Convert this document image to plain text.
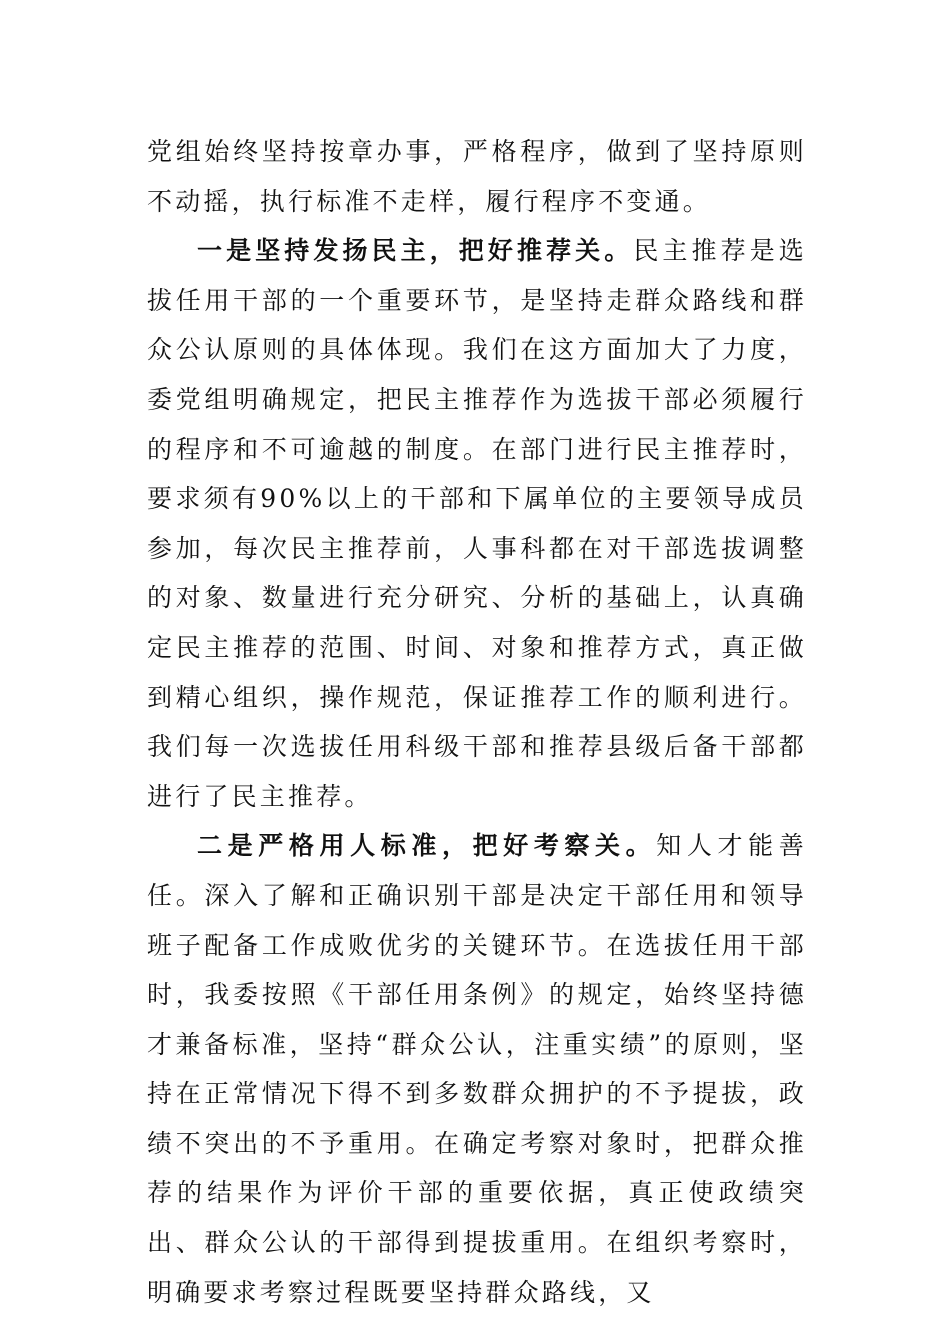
党组始终坚持按章办事，严格程序，做到了坚持原则不动摇，执行标准不走样，履行程序不变通。

一是坚持发扬民主，把好推荐关。民主推荐是选拔任用干部的一个重要环节，是坚持走群众路线和群众公认原则的具体体现。我们在这方面加大了力度， 委党组明确规定，把民主推荐作为选拔干部必须履行的程序和不可逾越的制度。在部门进行民主推荐时，要求须有90%以上的干部和下属单位的主要领导成员参加，每次民主推荐前，人事科都在对干部选拔调整的对象、数量进行充分研究、分析的基础上，认真确定民主推荐的范围、时间、对象和推荐方式，真正做到精心组织，操作规范，保证推荐工作的顺利进行。我们每一次选拔任用科级干部和推荐县级后备干部都进行了民主推荐。

二是严格用人标准，把好考察关。知人才能善任。深入了解和正确识别干部是决定干部任用和领导班子配备工作成败优劣的关键环节。在选拔任用干部时，我委按照《干部任用条例》的规定，始终坚持德才兼备标准，坚持“群众公认，注重实绩”的原则，坚持在正常情况下得不到多数群众拥护的不予提拔，政绩不突出的不予重用。在确定考察对象时，把群众推荐的结果作为评价干部的重要依据，真正使政绩突出、群众公认的干部得到提拔重用。在组织考察时，明确要求考察过程既要坚持群众路线，又
